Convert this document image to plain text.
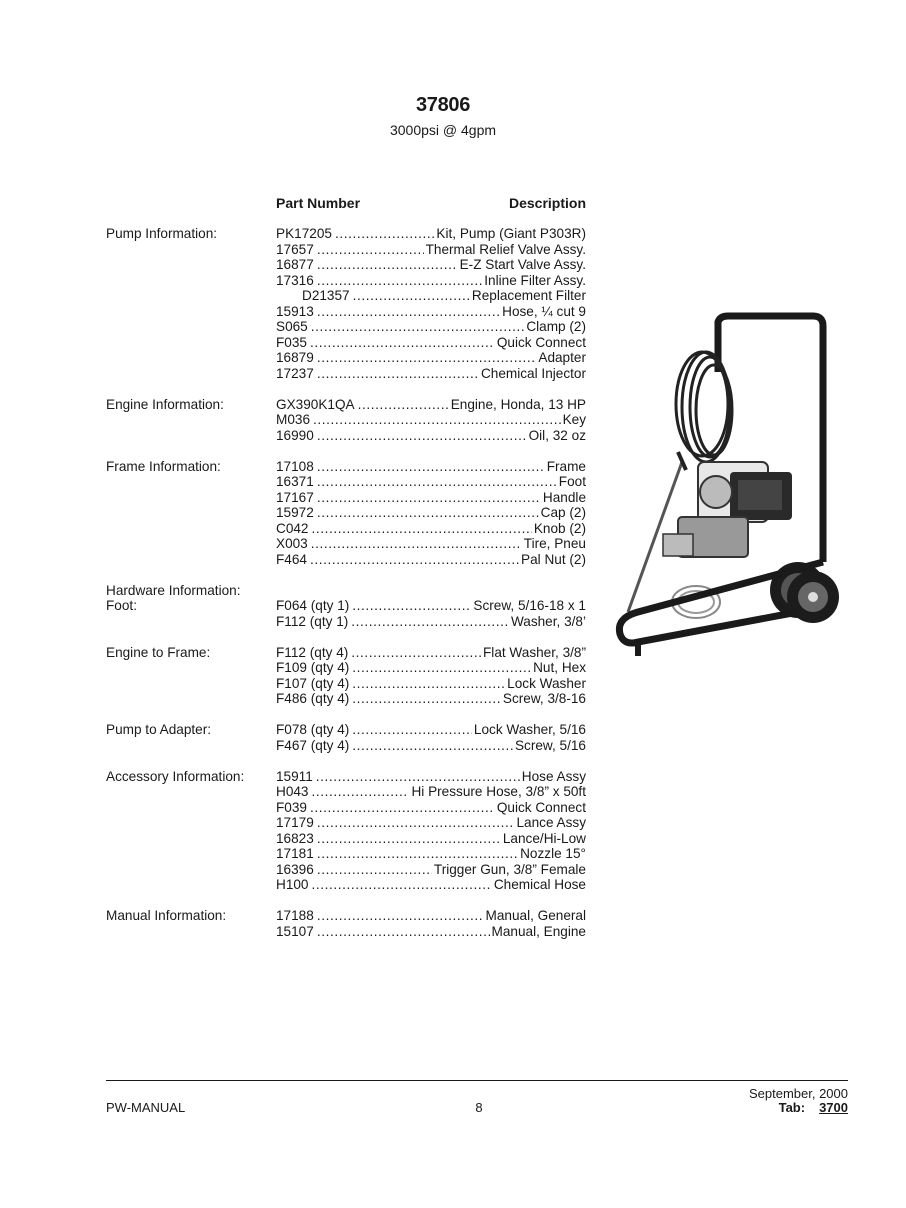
37806
3000psi @ 4gpm
Part Number	Description
Pump Information:	PK17205 .....	Kit, Pump (Giant P303R)
17657 .....	Thermal Relief Valve Assy.
16877 .....	E-Z Start Valve Assy.
17316 .....	Inline Filter Assy.
D21357 .....	Replacement Filter
15913 .....	Hose, ¼ cut 9
S065 .....	Clamp (2)
F035 .....	Quick Connect
16879 .....	Adapter
17237 .....	Chemical Injector
Engine Information:	GX390K1QA .....	Engine, Honda, 13 HP
M036 .....	Key
16990 .....	Oil, 32 oz
Frame Information:	17108 .....	Frame
16371 .....	Foot
17167 .....	Handle
15972 .....	Cap (2)
C042 .....	Knob (2)
X003 .....	Tire, Pneu
F464 .....	Pal Nut (2)
Hardware Information:
Foot:	F064 (qty 1) .....	Screw, 5/16-18 x 1
F112 (qty 1) .....	Washer, 3/8’
Engine to Frame:	F112 (qty 4) .....	Flat Washer, 3/8”
F109 (qty 4) .....	Nut, Hex
F107 (qty 4) .....	Lock Washer
F486 (qty 4) .....	Screw, 3/8-16
Pump to Adapter:	F078 (qty 4) .....	Lock Washer, 5/16
F467 (qty 4) .....	Screw, 5/16
Accessory Information:	15911 .....	Hose Assy
H043 .....	Hi Pressure Hose, 3/8” x 50ft
F039 .....	Quick Connect
17179 .....	Lance Assy
16823 .....	Lance/Hi-Low
17181 .....	Nozzle 15°
16396 .....	Trigger Gun, 3/8” Female
H100 .....	Chemical Hose
Manual Information:	17188 .....	Manual, General
15107 .....	Manual, Engine
PW-MANUAL	8
September, 2000
Tab: 3700
